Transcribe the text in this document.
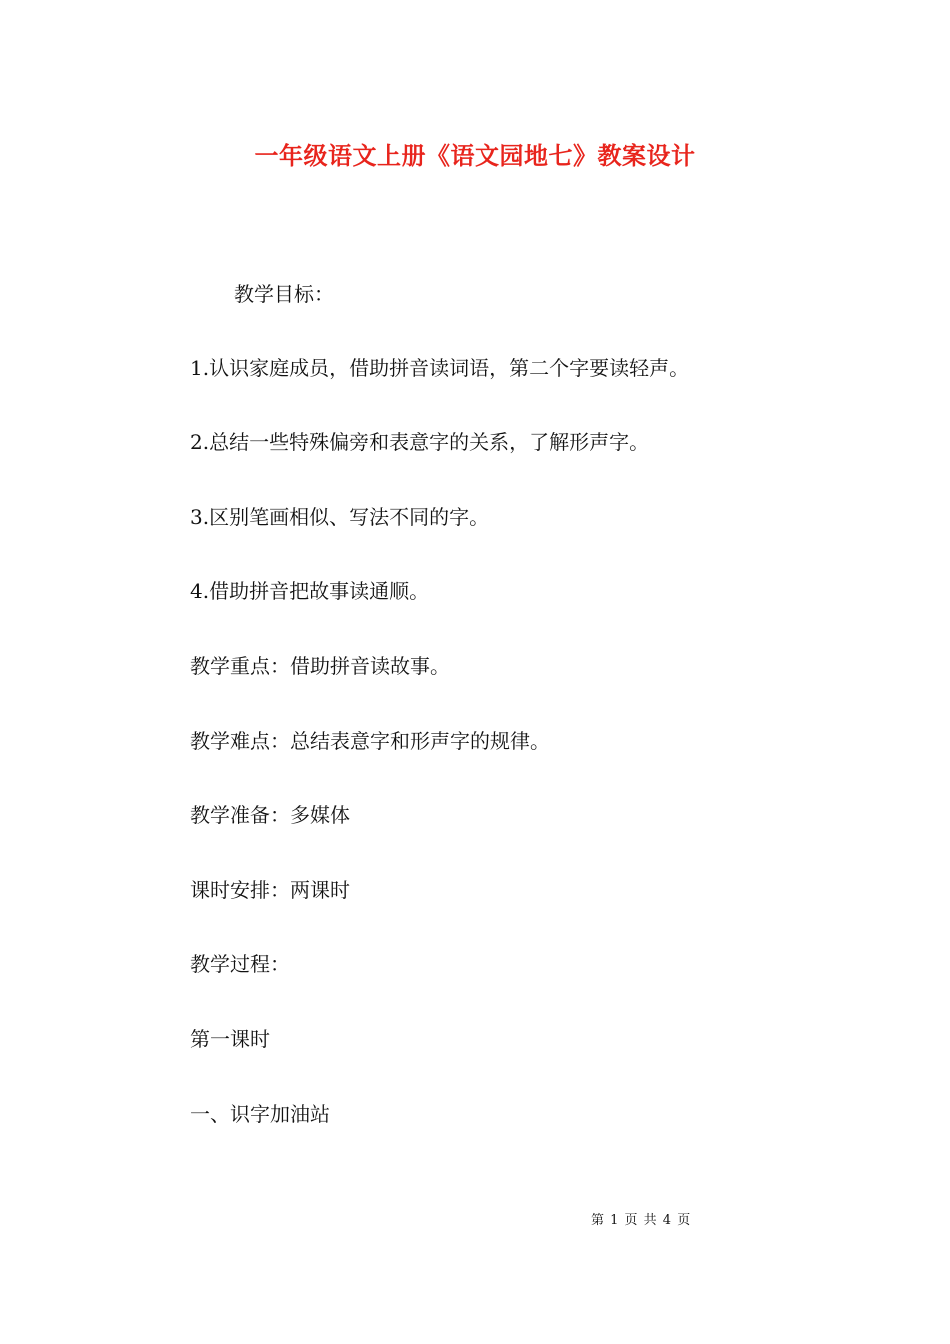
一年级语文上册《语文园地七》教案设计

教学目标：

1.认识家庭成员，借助拼音读词语，第二个字要读轻声。

2.总结一些特殊偏旁和表意字的关系，了解形声字。

3.区别笔画相似、写法不同的字。

4.借助拼音把故事读通顺。

教学重点：借助拼音读故事。

教学难点：总结表意字和形声字的规律。

教学准备：多媒体

课时安排：两课时

教学过程：

第一课时

一、识字加油站

第 1 页 共 4 页
